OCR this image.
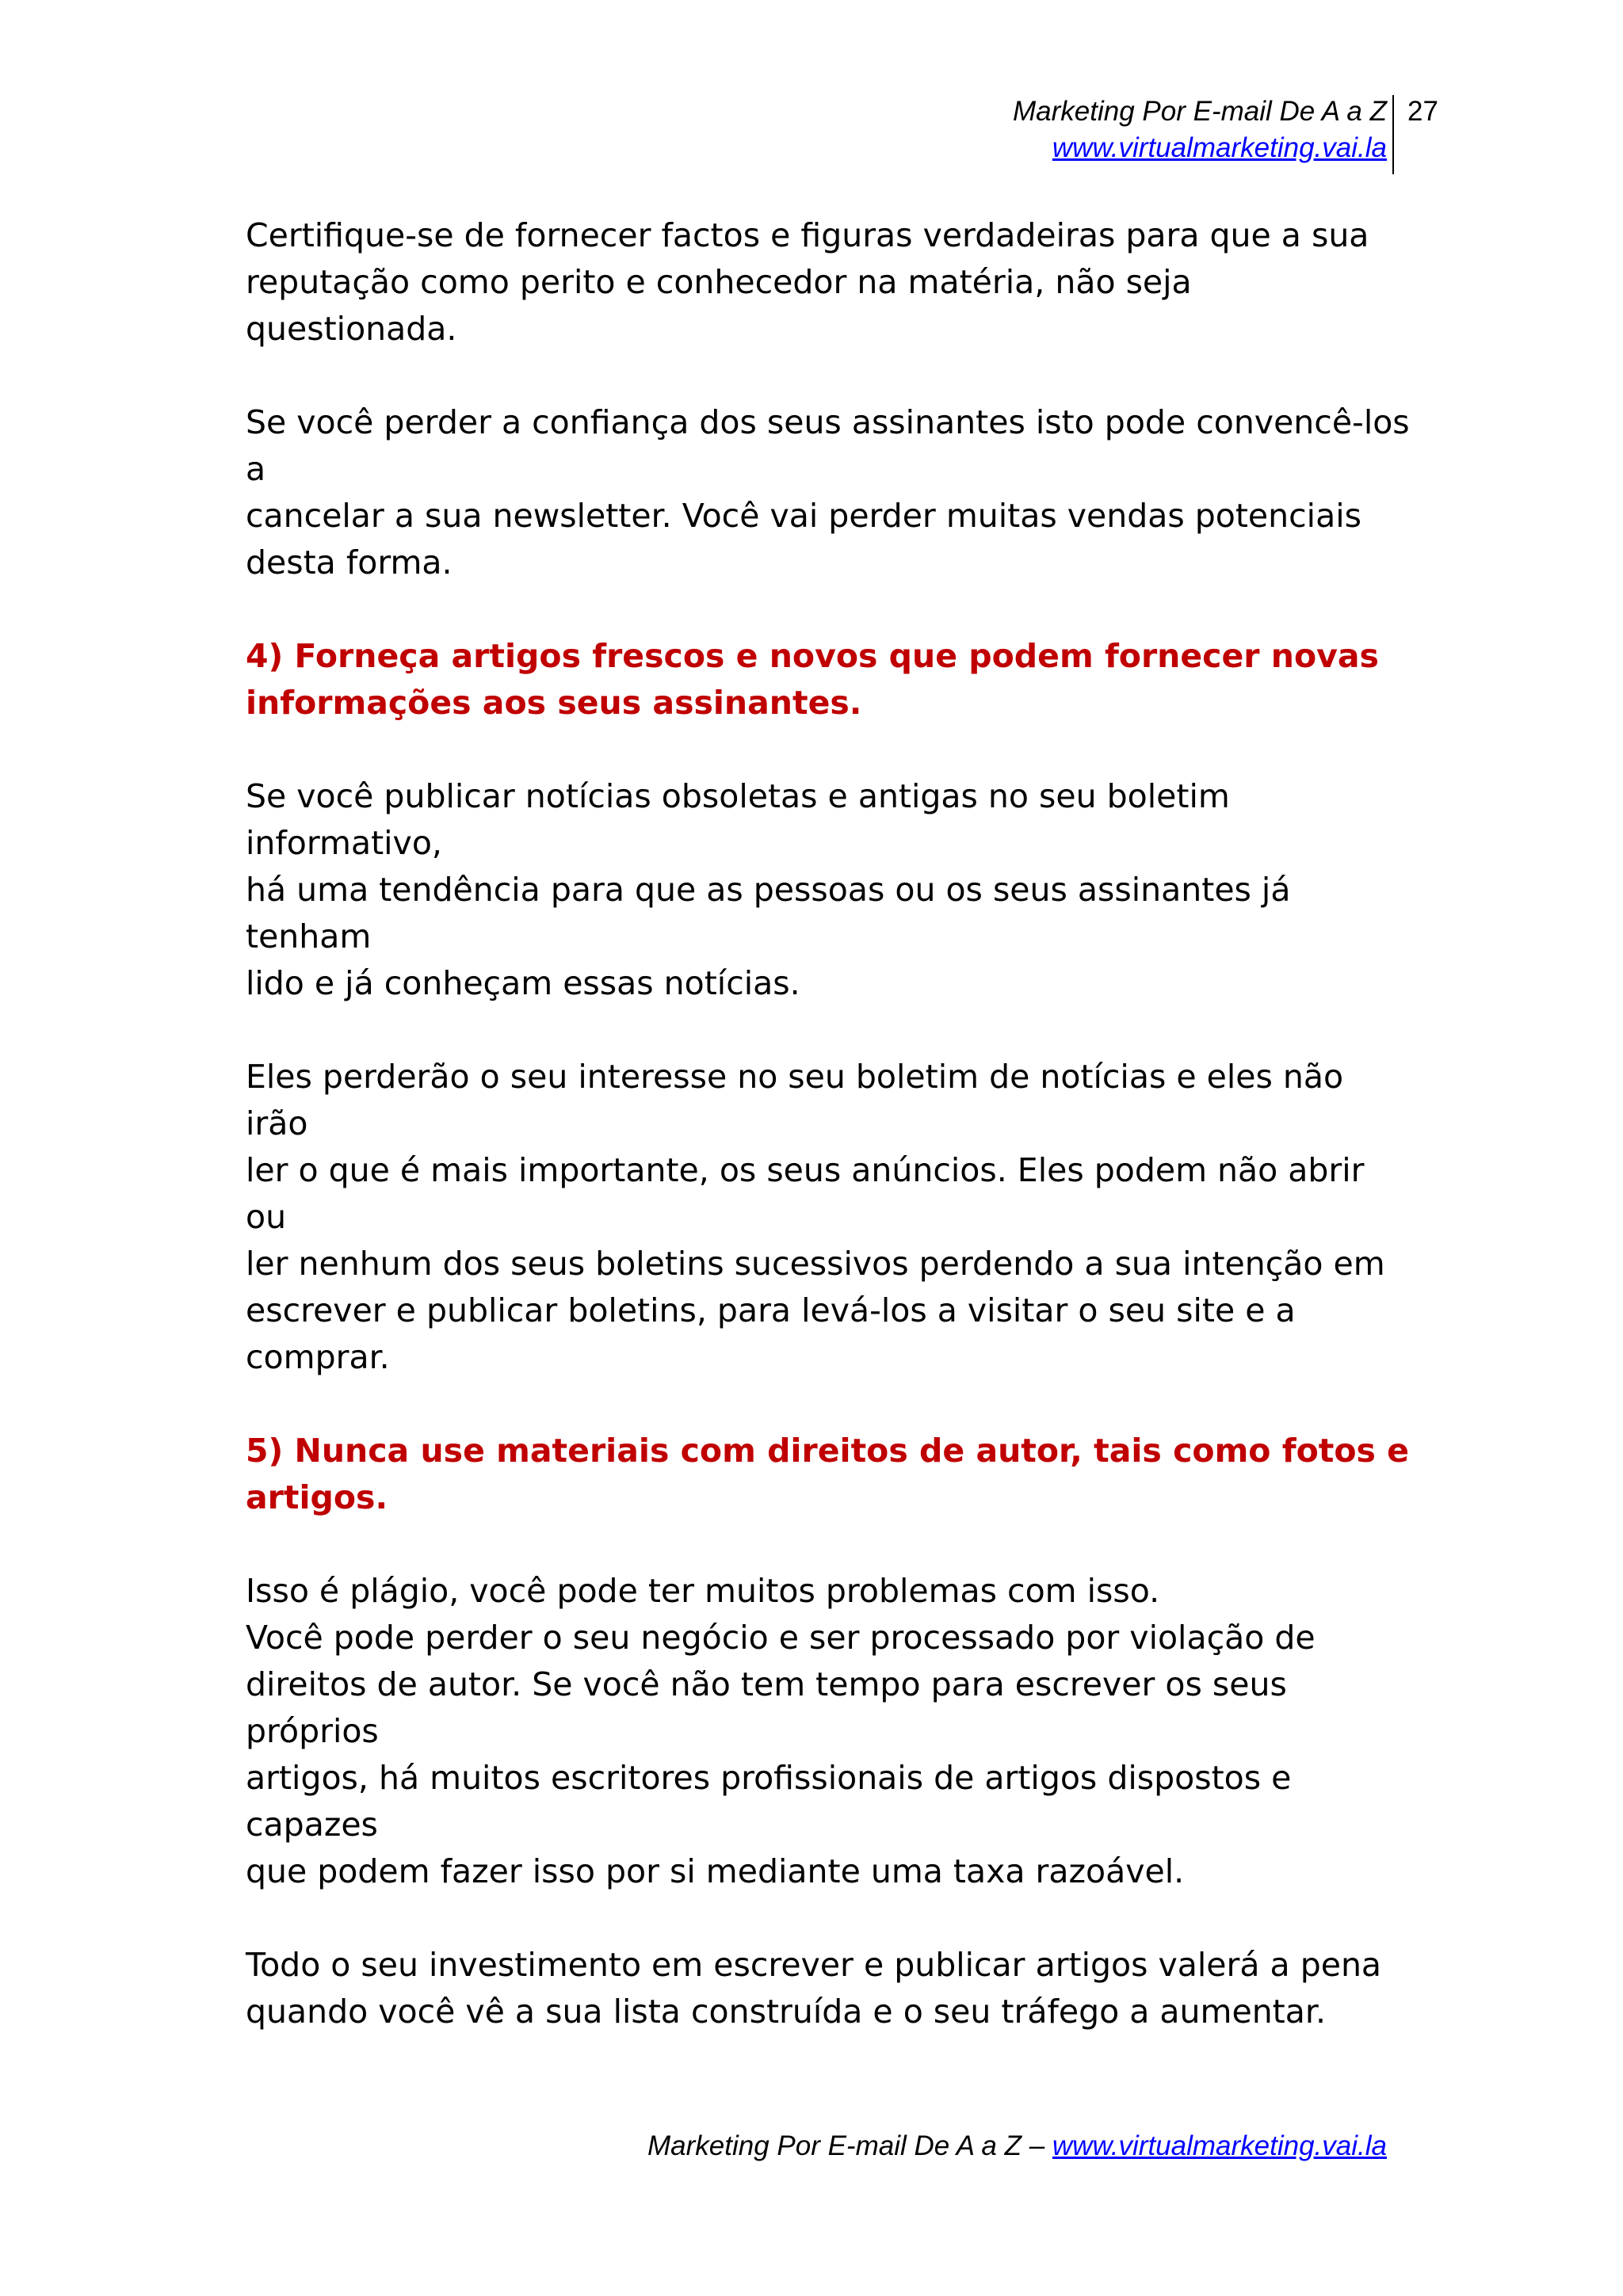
Marketing Por E-mail De A a Z
www.virtualmarketing.vai.la
27

Certifique-se de fornecer factos e figuras verdadeiras para que a sua
reputação como perito e conhecedor na matéria, não seja questionada.

Se você perder a confiança dos seus assinantes isto pode convencê-los a
cancelar a sua newsletter. Você vai perder muitas vendas potenciais
desta forma.

4) Forneça artigos frescos e novos que podem fornecer novas
informações aos seus assinantes.

Se você publicar notícias obsoletas e antigas no seu boletim informativo,
há uma tendência para que as pessoas ou os seus assinantes já tenham
lido e já conheçam essas notícias.

Eles perderão o seu interesse no seu boletim de notícias e eles não irão
ler o que é mais importante, os seus anúncios. Eles podem não abrir ou
ler nenhum dos seus boletins sucessivos perdendo a sua intenção em
escrever e publicar boletins, para levá-los a visitar o seu site e a
comprar.

5) Nunca use materiais com direitos de autor, tais como fotos e
artigos.

Isso é plágio, você pode ter muitos problemas com isso.
Você pode perder o seu negócio e ser processado por violação de
direitos de autor. Se você não tem tempo para escrever os seus próprios
artigos, há muitos escritores profissionais de artigos dispostos e capazes
que podem fazer isso por si mediante uma taxa razoável.

Todo o seu investimento em escrever e publicar artigos valerá a pena
quando você vê a sua lista construída e o seu tráfego a aumentar.

Marketing Por E-mail De A a Z – www.virtualmarketing.vai.la
